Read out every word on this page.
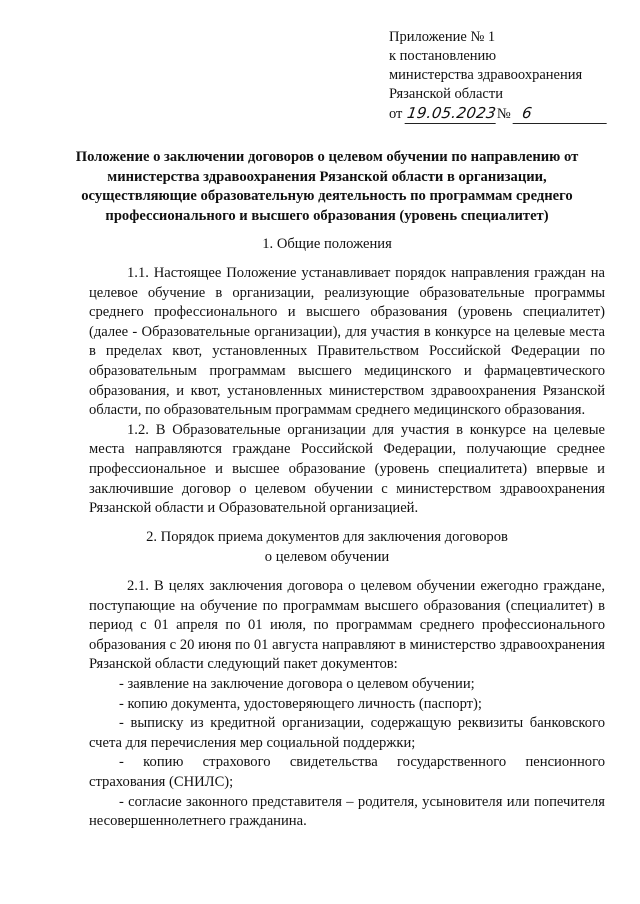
Приложение № 1
к постановлению
министерства здравоохранения
Рязанской области
от 19.05.2023№ 6
Положение о заключении договоров о целевом обучении по направлению от министерства здравоохранения Рязанской области в организации, осуществляющие образовательную деятельность по программам среднего профессионального и высшего образования (уровень специалитет)
1. Общие положения

1.1. Настоящее Положение устанавливает порядок направления граждан на целевое обучение в организации, реализующие образовательные программы среднего профессионального и высшего образования (уровень специалитет) (далее - Образовательные организации), для участия в конкурсе на целевые места в пределах квот, установленных Правительством Российской Федерации по образовательным программам высшего медицинского и фармацевтического образования, и квот, установленных министерством здравоохранения Рязанской области, по образовательным программам среднего медицинского образования.

1.2. В Образовательные организации для участия в конкурсе на целевые места направляются граждане Российской Федерации, получающие среднее профессиональное и высшее образование (уровень специалитета) впервые и заключившие договор о целевом обучении с министерством здравоохранения Рязанской области и Образовательной организацией.

2. Порядок приема документов для заключения договоров
о целевом обучении

2.1. В целях заключения договора о целевом обучении ежегодно граждане, поступающие на обучение по программам высшего образования (специалитет) в период с 01 апреля по 01 июля, по программам среднего профессионального образования с 20 июня по 01 августа направляют в министерство здравоохранения Рязанской области следующий пакет документов:

- заявление на заключение договора о целевом обучении;

- копию документа, удостоверяющего личность (паспорт);

- выписку из кредитной организации, содержащую реквизиты банковского счета для перечисления мер социальной поддержки;

- копию страхового свидетельства государственного пенсионного страхования (СНИЛС);

- согласие законного представителя – родителя, усыновителя или попечителя несовершеннолетнего гражданина.
